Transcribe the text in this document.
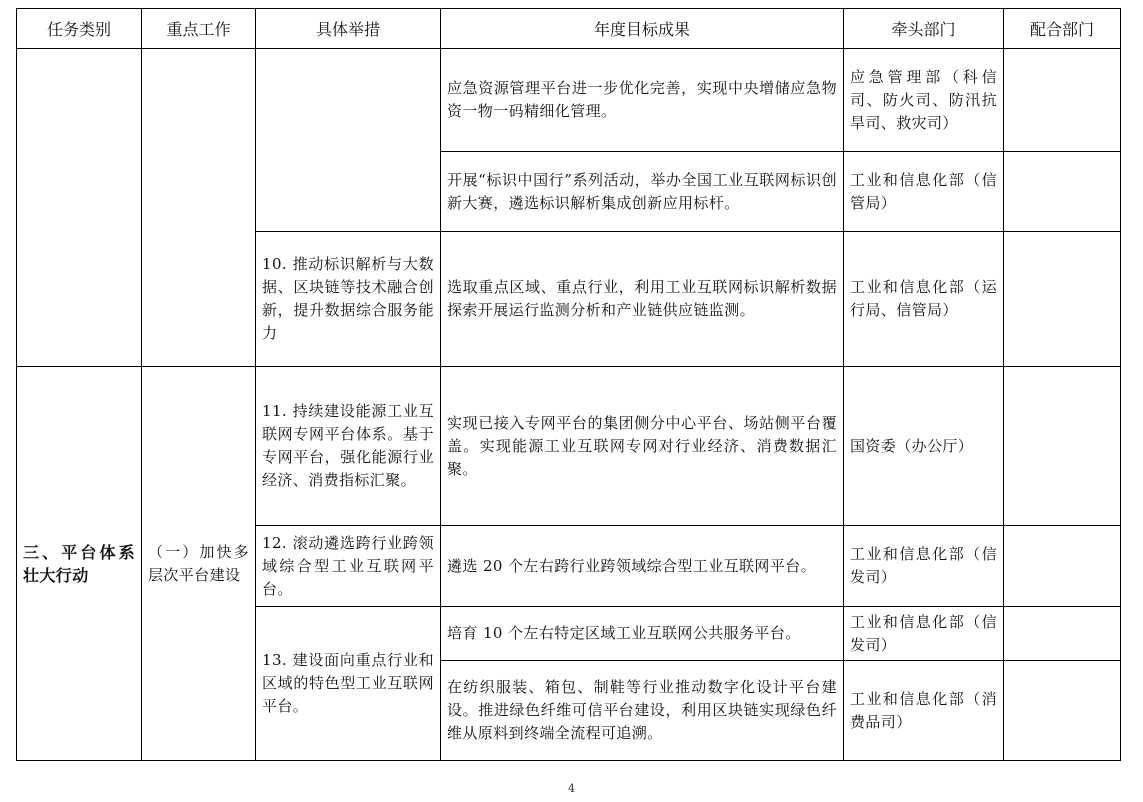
任务类别	重点工作	具体举措	年度目标成果	牵头部门	配合部门
			应急资源管理平台进一步优化完善，实现中央增储应急物资一物一码精细化管理。	应急管理部（科信司、防火司、防汛抗旱司、救灾司）	
			开展“标识中国行”系列活动，举办全国工业互联网标识创新大赛，遴选标识解析集成创新应用标杆。	工业和信息化部（信管局）	
		10. 推动标识解析与大数据、区块链等技术融合创新，提升数据综合服务能力	选取重点区域、重点行业，利用工业互联网标识解析数据探索开展运行监测分析和产业链供应链监测。	工业和信息化部（运行局、信管局）	
三、平台体系壮大行动	（一）加快多层次平台建设	11. 持续建设能源工业互联网专网平台体系。基于专网平台，强化能源行业经济、消费指标汇聚。	实现已接入专网平台的集团侧分中心平台、场站侧平台覆盖。实现能源工业互联网专网对行业经济、消费数据汇聚。	国资委（办公厅）	
		12. 滚动遴选跨行业跨领域综合型工业互联网平台。	遴选 20 个左右跨行业跨领域综合型工业互联网平台。	工业和信息化部（信发司）	
		13. 建设面向重点行业和区域的特色型工业互联网平台。	培育 10 个左右特定区域工业互联网公共服务平台。	工业和信息化部（信发司）	
			在纺织服装、箱包、制鞋等行业推动数字化设计平台建设。推进绿色纤维可信平台建设，利用区块链实现绿色纤维从原料到终端全流程可追溯。	工业和信息化部（消费品司）	
4
